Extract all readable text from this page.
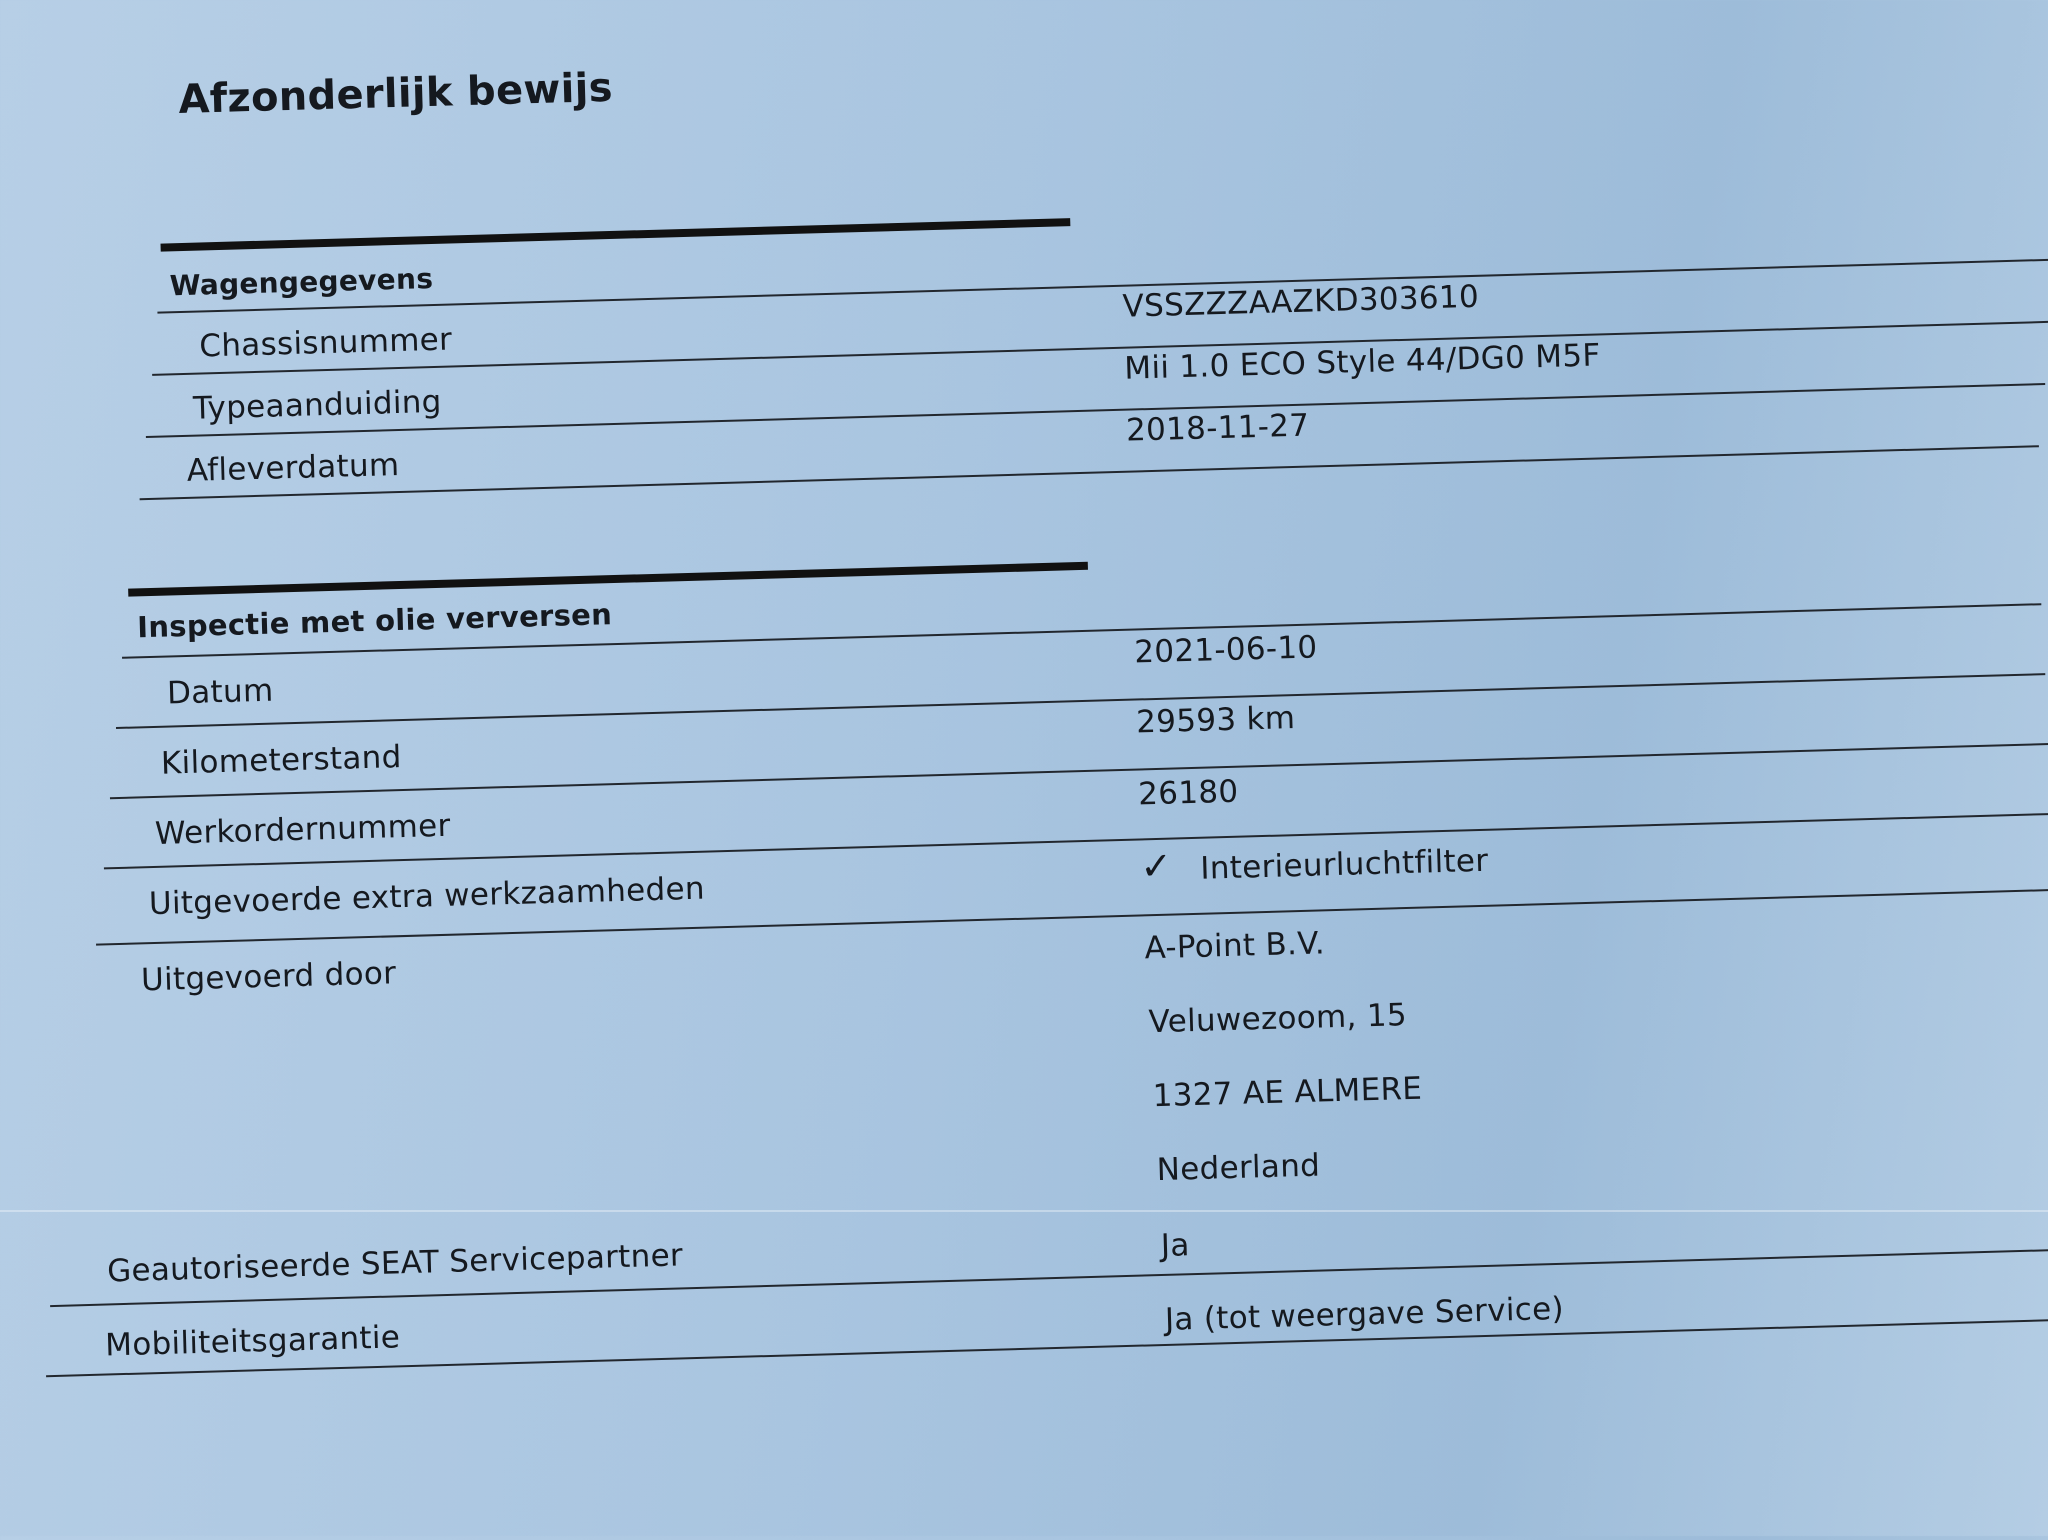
Afzonderlijk bewijs
Wagengegevens
Chassisnummer
VSSZZZAAZKD303610
Typeaanduiding
Mii 1.0 ECO Style 44/DG0 M5F
Afleverdatum
2018-11-27
Inspectie met olie verversen
Datum
2021-06-10
Kilometerstand
29593 km
Werkordernummer
26180
Uitgevoerde extra werkzaamheden
✓ Interieurluchtfilter
Uitgevoerd door
A-Point B.V.
Veluwezoom, 15
1327 AE ALMERE
Nederland
Geautoriseerde SEAT Servicepartner	Ja
Mobiliteitsgarantie
Ja (tot weergave Service)
